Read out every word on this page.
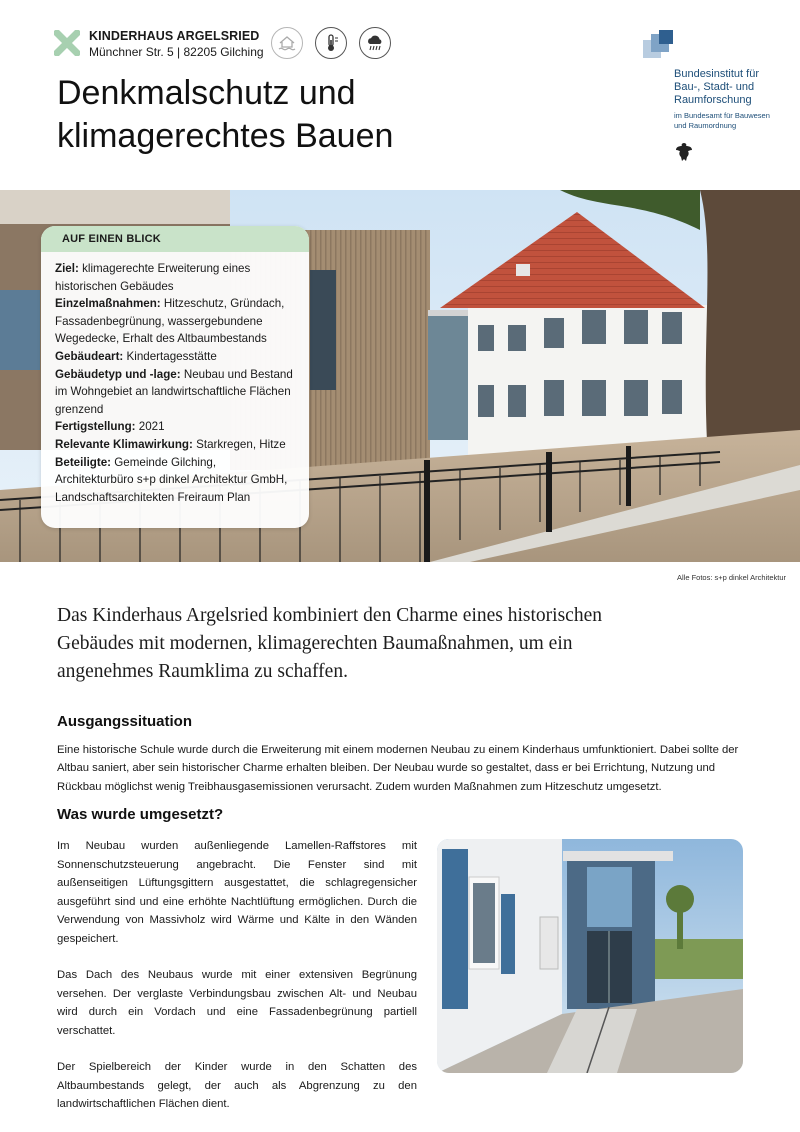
KINDERHAUS ARGELSRIED
Münchner Str. 5 | 82205 Gilching
Denkmalschutz und klimagerechtes Bauen
Bundesinstitut für Bau-, Stadt- und Raumforschung
im Bundesamt für Bauwesen und Raumordnung
AUF EINEN BLICK

Ziel: klimagerechte Erweiterung eines historischen Gebäudes

Einzelmaßnahmen: Hitzeschutz, Gründach, Fassadenbegrünung, wassergebundene Wegedecke, Erhalt des Altbaumbestands

Gebäudeart: Kindertagesstätte

Gebäudetyp und -lage: Neubau und Bestand im Wohngebiet an landwirtschaftliche Flächen grenzend

Fertigstellung: 2021

Relevante Klimawirkung: Starkregen, Hitze

Beteiligte: Gemeinde Gilching, Architekturbüro s+p dinkel Architektur GmbH, Landschaftsarchitekten Freiraum Plan

Alle Fotos: s+p dinkel Architektur

Das Kinderhaus Argelsried kombiniert den Charme eines historischen Gebäudes mit modernen, klimagerechten Baumaßnahmen, um ein angenehmes Raumklima zu schaffen.

Ausgangssituation

Eine historische Schule wurde durch die Erweiterung mit einem modernen Neubau zu einem Kinderhaus umfunktioniert. Dabei sollte der Altbau saniert, aber sein historischer Charme erhalten bleiben. Der Neubau wurde so gestaltet, dass er bei Errichtung, Nutzung und Rückbau möglichst wenig Treibhausgasemissionen verursacht. Zudem wurden Maßnahmen zum Hitzeschutz umgesetzt.

Was wurde umgesetzt?

Im Neubau wurden außenliegende Lamellen-Raffstores mit Sonnenschutzsteuerung angebracht. Die Fenster sind mit außenseitigen Lüftungsgittern ausgestattet, die schlagregensicher ausgeführt sind und eine erhöhte Nachtlüftung ermöglichen. Durch die Verwendung von Massivholz wird Wärme und Kälte in den Wänden gespeichert.

Das Dach des Neubaus wurde mit einer extensiven Begrünung versehen. Der verglaste Verbindungsbau zwischen Alt- und Neubau wird durch ein Vordach und eine Fassadenbegrünung partiell verschattet.

Der Spielbereich der Kinder wurde in den Schatten des Altbaumbestands gelegt, der auch als Abgrenzung zu den landwirtschaftlichen Flächen dient.
